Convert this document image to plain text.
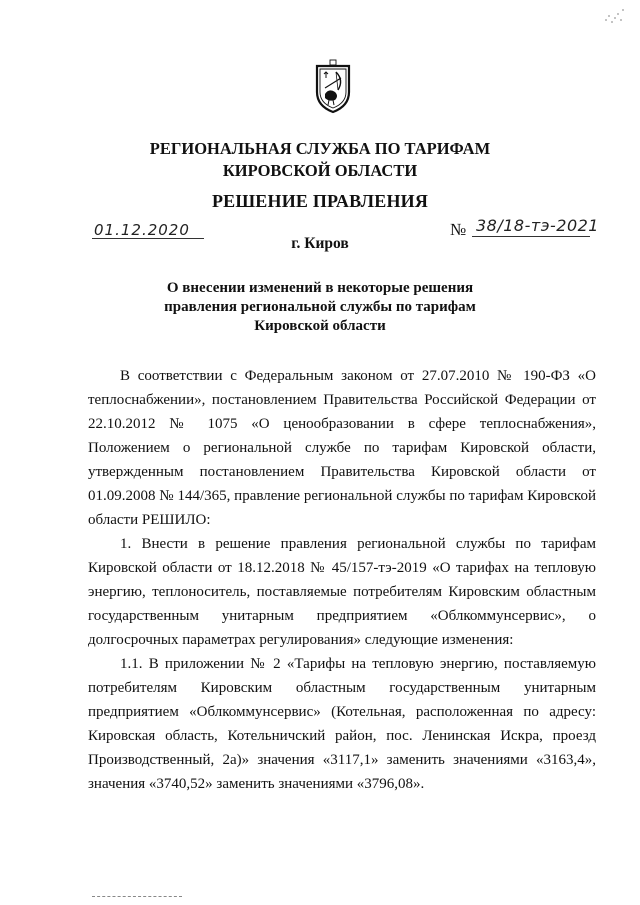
РЕГИОНАЛЬНАЯ СЛУЖБА ПО ТАРИФАМ
КИРОВСКОЙ ОБЛАСТИ
РЕШЕНИЕ ПРАВЛЕНИЯ
01.12.2020	№ 38/18-тэ-2021
г. Киров
О внесении изменений в некоторые решения
правления региональной службы по тарифам
Кировской области

В соответствии с Федеральным законом от 27.07.2010 № 190-ФЗ «О теплоснабжении», постановлением Правительства Российской Федерации от 22.10.2012 № 1075 «О ценообразовании в сфере теплоснабжения», Положением о региональной службе по тарифам Кировской области, утвержденным постановлением Правительства Кировской области от 01.09.2008 № 144/365, правление региональной службы по тарифам Кировской области РЕШИЛО:

1. Внести в решение правления региональной службы по тарифам Кировской области от 18.12.2018 № 45/157-тэ-2019 «О тарифах на тепловую энергию, теплоноситель, поставляемые потребителям Кировским областным государственным унитарным предприятием «Облкоммунсервис», о долгосрочных параметрах регулирования» следующие изменения:

1.1. В приложении № 2 «Тарифы на тепловую энергию, поставляемую потребителям Кировским областным государственным унитарным предприятием «Облкоммунсервис» (Котельная, расположенная по адресу: Кировская область, Котельничский район, пос. Ленинская Искра, проезд Производственный, 2а)» значения «3117,1» заменить значениями «3163,4», значения «3740,52» заменить значениями «3796,08».
